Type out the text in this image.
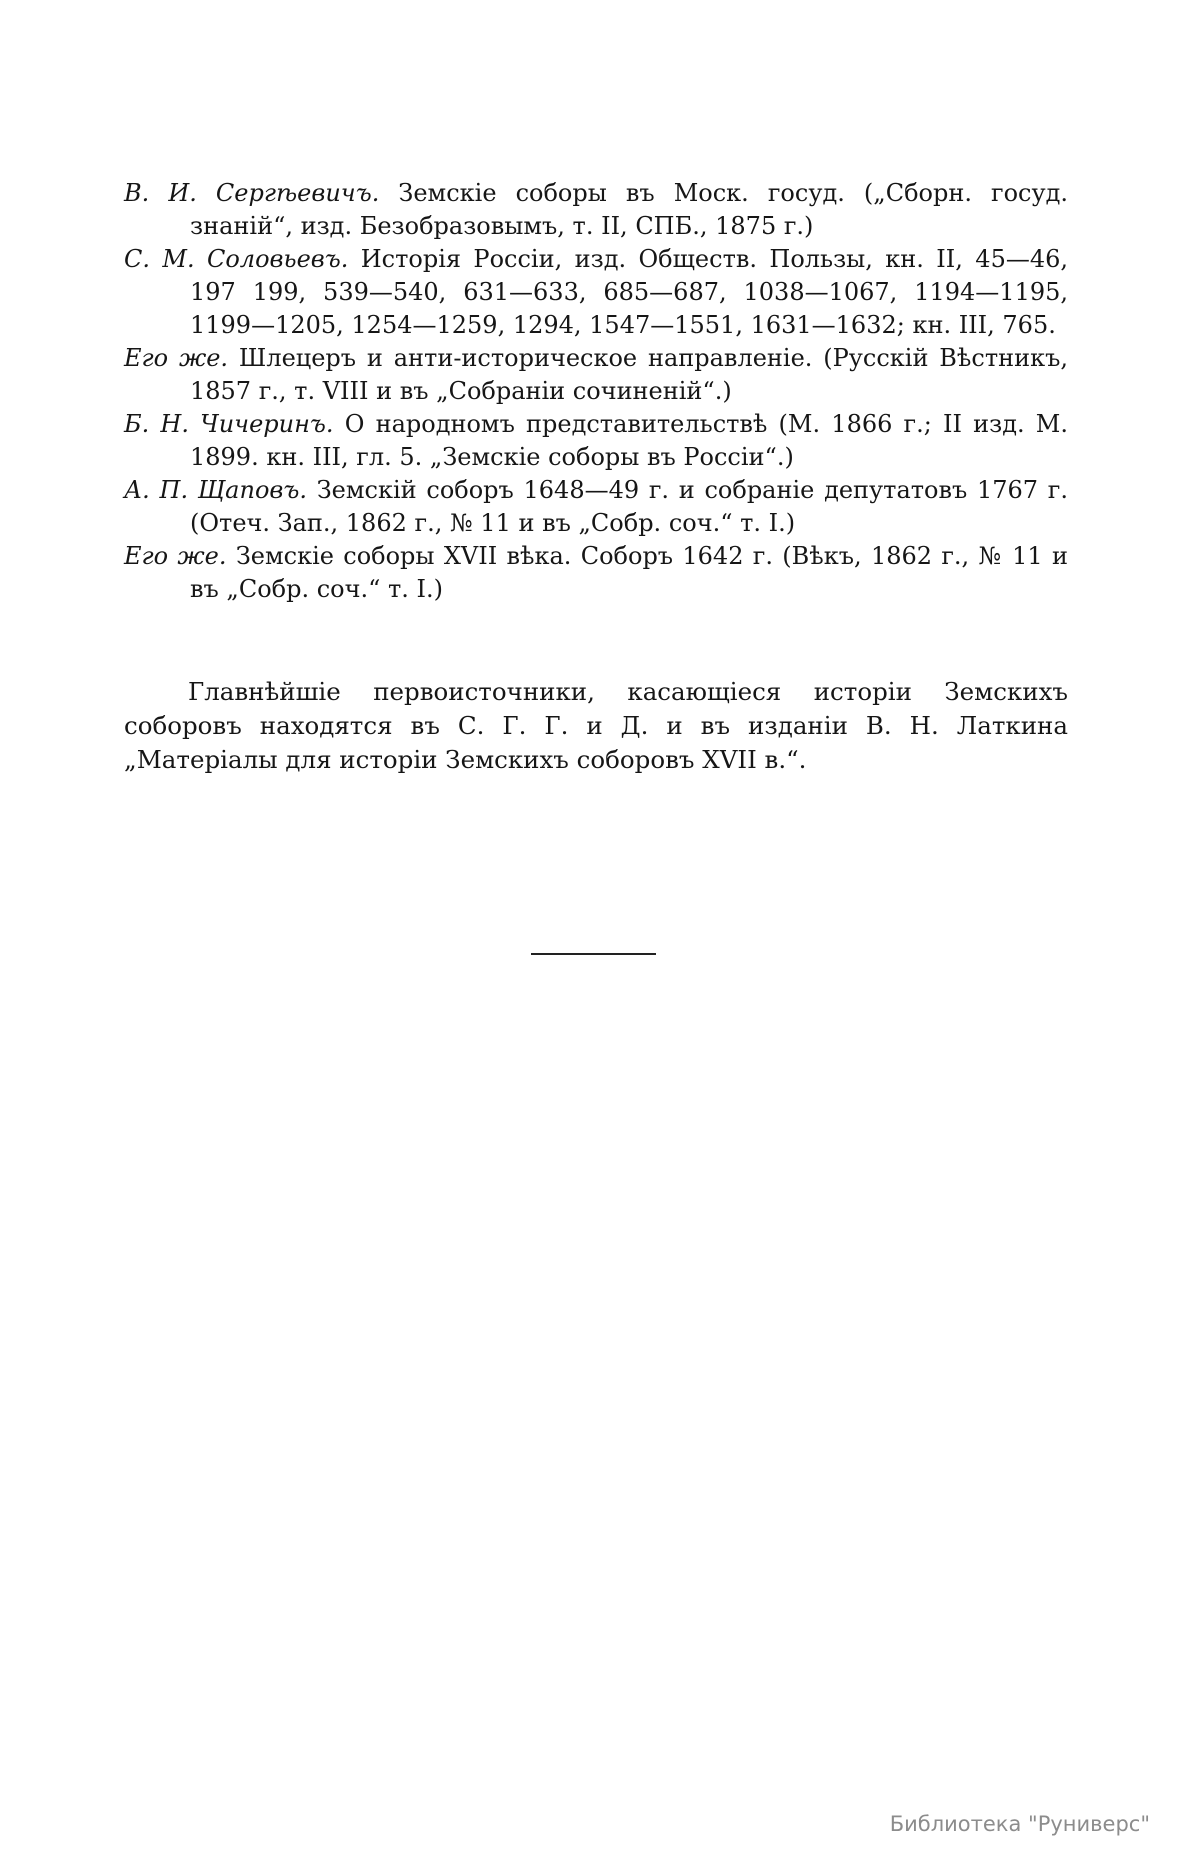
В. И. Сергѣевичъ. Земскіе соборы въ Моск. госуд. („Сборн. госуд. знаній“, изд. Безобразовымъ, т. II, СПБ., 1875 г.)

С. М. Соловьевъ. Исторія Россіи, изд. Обществ. Пользы, кн. II, 45—46, 197 199, 539—540, 631—633, 685—687, 1038—1067, 1194—1195, 1199—1205, 1254—1259, 1294, 1547—1551, 1631—1632; кн. III, 765.

Его же. Шлецеръ и анти-историческое направленіе. (Русскій Вѣстникъ, 1857 г., т. VIII и въ „Собраніи сочиненій“.)

Б. Н. Чичеринъ. О народномъ представительствѣ (М. 1866 г.; II изд. М. 1899. кн. III, гл. 5. „Земскіе соборы въ Россіи“.)

А. П. Щаповъ. Земскій соборъ 1648—49 г. и собраніе депутатовъ 1767 г. (Отеч. Зап., 1862 г., № 11 и въ „Собр. соч.“ т. I.)

Его же. Земскіе соборы XVII вѣка. Соборъ 1642 г. (Вѣкъ, 1862 г., № 11 и въ „Собр. соч.“ т. I.)

Главнѣйшіе первоисточники, касающіеся исторіи Земскихъ соборовъ находятся въ С. Г. Г. и Д. и въ изданіи В. Н. Латкина „Матеріалы для исторіи Земскихъ соборовъ XVII в.“.

Библиотека "Руниверс"
